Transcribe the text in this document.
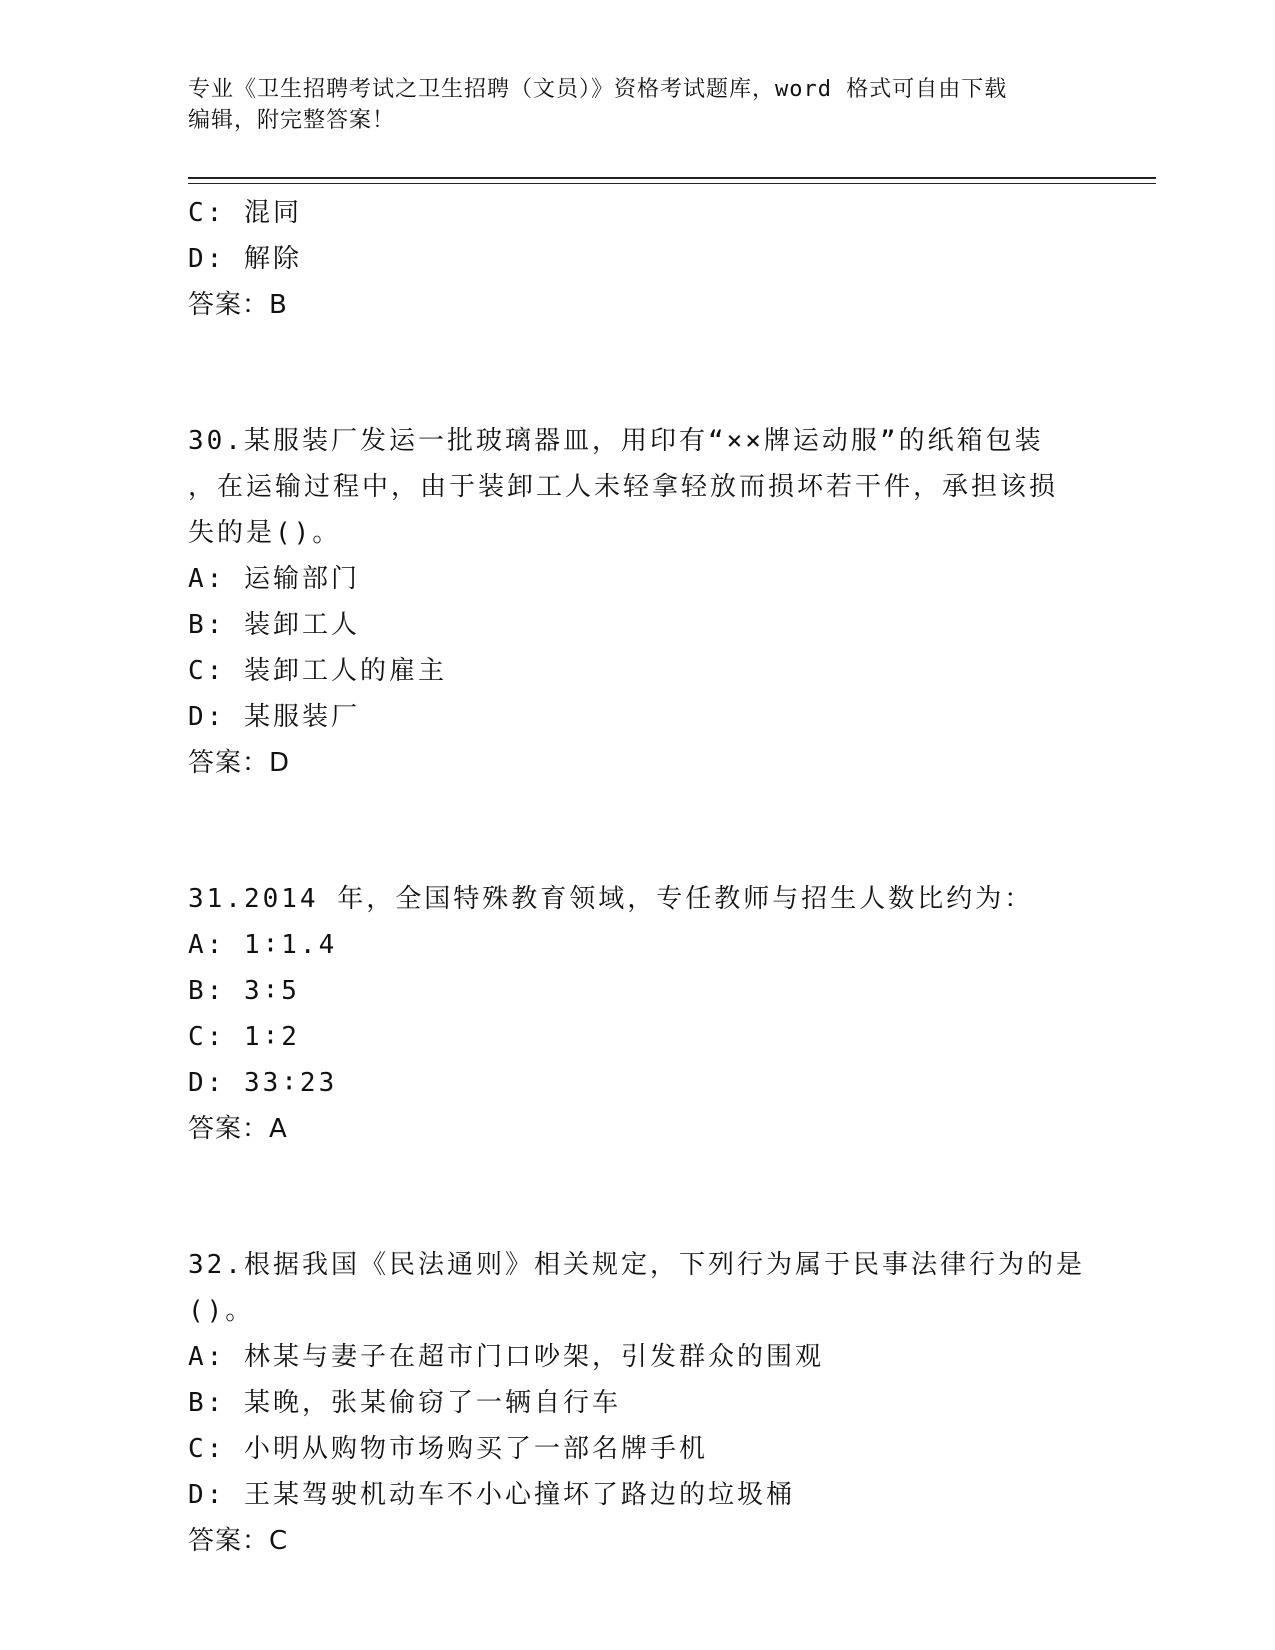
专业《卫生招聘考试之卫生招聘（文员）》资格考试题库，word 格式可自由下载
编辑，附完整答案！
C: 混同
D: 解除
答案：B
30.某服装厂发运一批玻璃器皿，用印有“××牌运动服”的纸箱包装
，在运输过程中，由于装卸工人未轻拿轻放而损坏若干件，承担该损
失的是()。
A: 运输部门
B: 装卸工人
C: 装卸工人的雇主
D: 某服装厂
答案：D
31.2014 年，全国特殊教育领域，专任教师与招生人数比约为：
A: 1∶1.4
B: 3∶5
C: 1∶2
D: 33∶23
答案：A
32.根据我国《民法通则》相关规定，下列行为属于民事法律行为的是
()。
A: 林某与妻子在超市门口吵架，引发群众的围观
B: 某晚，张某偷窃了一辆自行车
C: 小明从购物市场购买了一部名牌手机
D: 王某驾驶机动车不小心撞坏了路边的垃圾桶
答案：C
